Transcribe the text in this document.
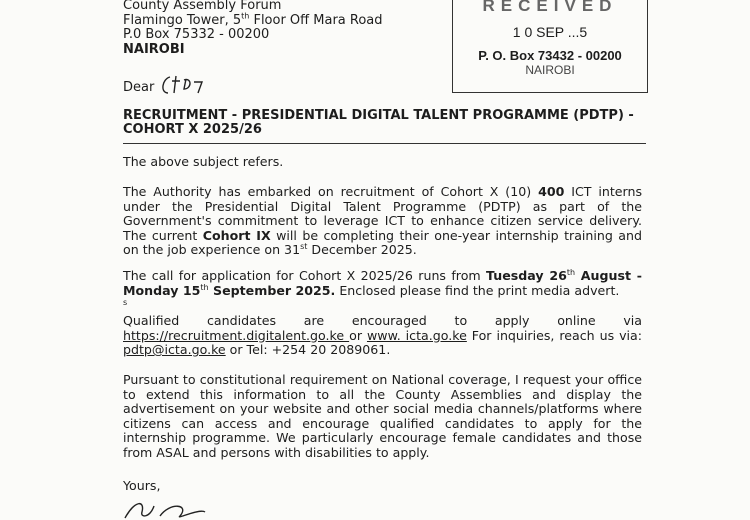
County Assembly Forum
Flamingo Tower, 5th Floor Off Mara Road
P.0 Box 75332 - 00200
NAIROBI
RECEIVED
1 0 SEP ...5
P. O. Box 73432 - 00200
NAIROBI
Dear
RECRUITMENT - PRESIDENTIAL DIGITAL TALENT PROGRAMME (PDTP) - COHORT X 2025/26
The above subject refers.
The Authority has embarked on recruitment of Cohort X (10) 400 ICT interns under the Presidential Digital Talent Programme (PDTP) as part of the Government's commitment to leverage ICT to enhance citizen service delivery. The current Cohort IX will be completing their one-year internship training and on the job experience on 31st December 2025.
The call for application for Cohort X 2025/26 runs from Tuesday 26th August - Monday 15th September 2025. Enclosed please find the print media advert.
s
Qualified candidates are encouraged to apply online via https://recruitment.digitalent.go.ke or www. icta.go.ke For inquiries, reach us via: pdtp@icta.go.ke or Tel: +254 20 2089061.
Pursuant to constitutional requirement on National coverage, I request your office to extend this information to all the County Assemblies and display the advertisement on your website and other social media channels/platforms where citizens can access and encourage qualified candidates to apply for the internship programme. We particularly encourage female candidates and those from ASAL and persons with disabilities to apply.
Yours,
